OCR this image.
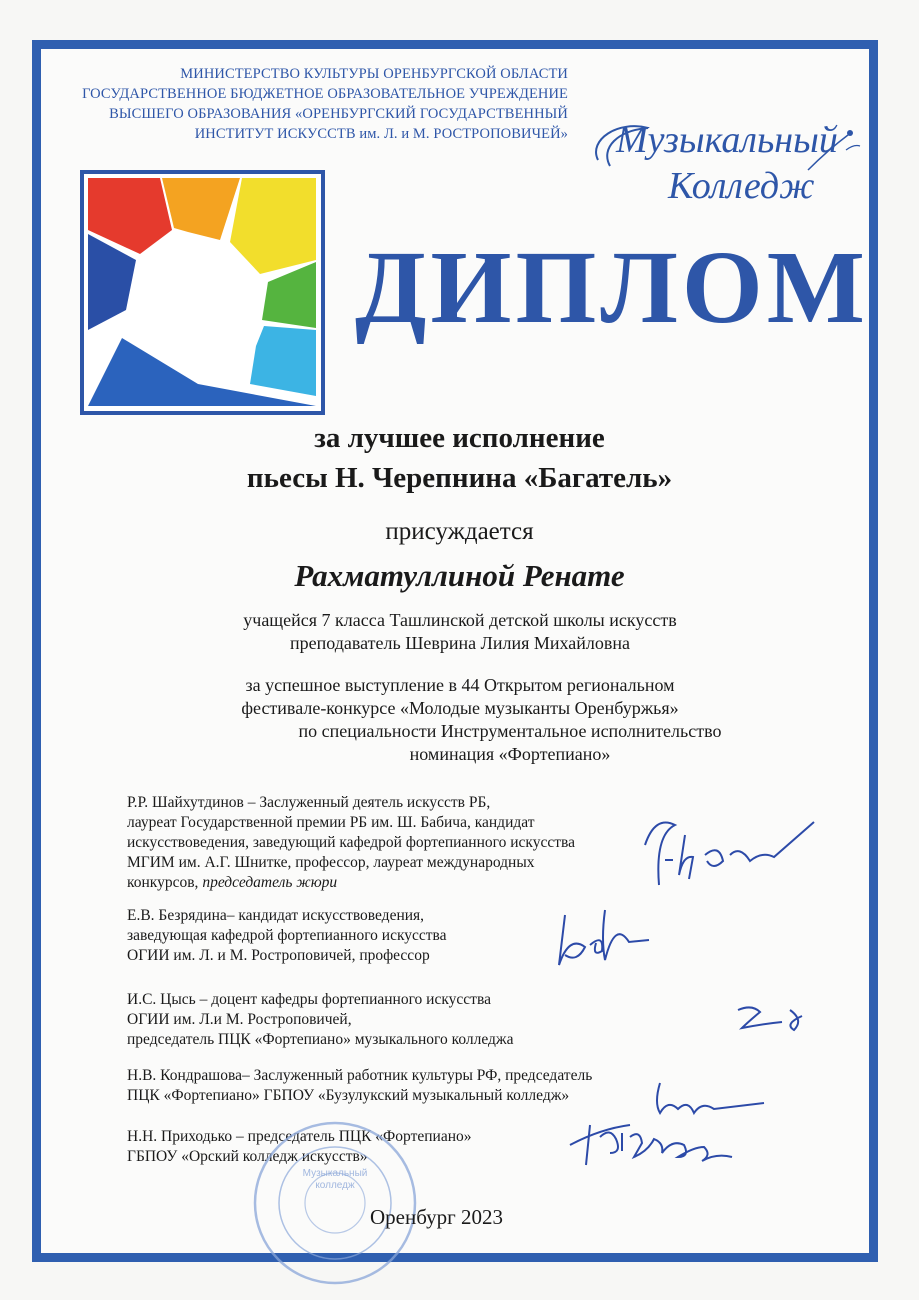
МИНИСТЕРСТВО КУЛЬТУРЫ ОРЕНБУРГСКОЙ ОБЛАСТИ
ГОСУДАРСТВЕННОЕ БЮДЖЕТНОЕ ОБРАЗОВАТЕЛЬНОЕ УЧРЕЖДЕНИЕ
ВЫСШЕГО ОБРАЗОВАНИЯ «ОРЕНБУРГСКИЙ ГОСУДАРСТВЕННЫЙ
ИНСТИТУТ ИСКУССТВ им. Л. и М. РОСТРОПОВИЧЕЙ» Музыкальный
Колледж
ДИПЛОМ
за лучшее исполнение
пьесы Н. Черепнина «Багатель»
присуждается
Рахматуллиной Ренате
учащейся 7 класса Ташлинской детской школы искусств
преподаватель Шеврина Лилия Михайловна
за успешное выступление в 44 Открытом региональном
фестивале-конкурсе «Молодые музыканты Оренбуржья»
по специальности Инструментальное исполнительство
номинация «Фортепиано»
Р.Р. Шайхутдинов – Заслуженный деятель искусств РБ,
лауреат Государственной премии РБ им. Ш. Бабича, кандидат
искусствоведения, заведующий кафедрой фортепианного искусства
МГИМ им. А.Г. Шнитке, профессор, лауреат международных
конкурсов, председатель жюри
Е.В. Безрядина– кандидат искусствоведения,
заведующая кафедрой фортепианного искусства
ОГИИ им. Л. и М. Ростроповичей, профессор
И.С. Цысь – доцент кафедры фортепианного искусства
ОГИИ им. Л.и М. Ростроповичей,
председатель ПЦК «Фортепиано» музыкального колледжа
Н.В. Кондрашова– Заслуженный работник культуры РФ, председатель
ПЦК «Фортепиано» ГБПОУ «Бузулукский музыкальный колледж»
Н.Н. Приходько – председатель ПЦК «Фортепиано»
ГБПОУ «Орский колледж искусств»
Музыкальный
колледж
Оренбург 2023
